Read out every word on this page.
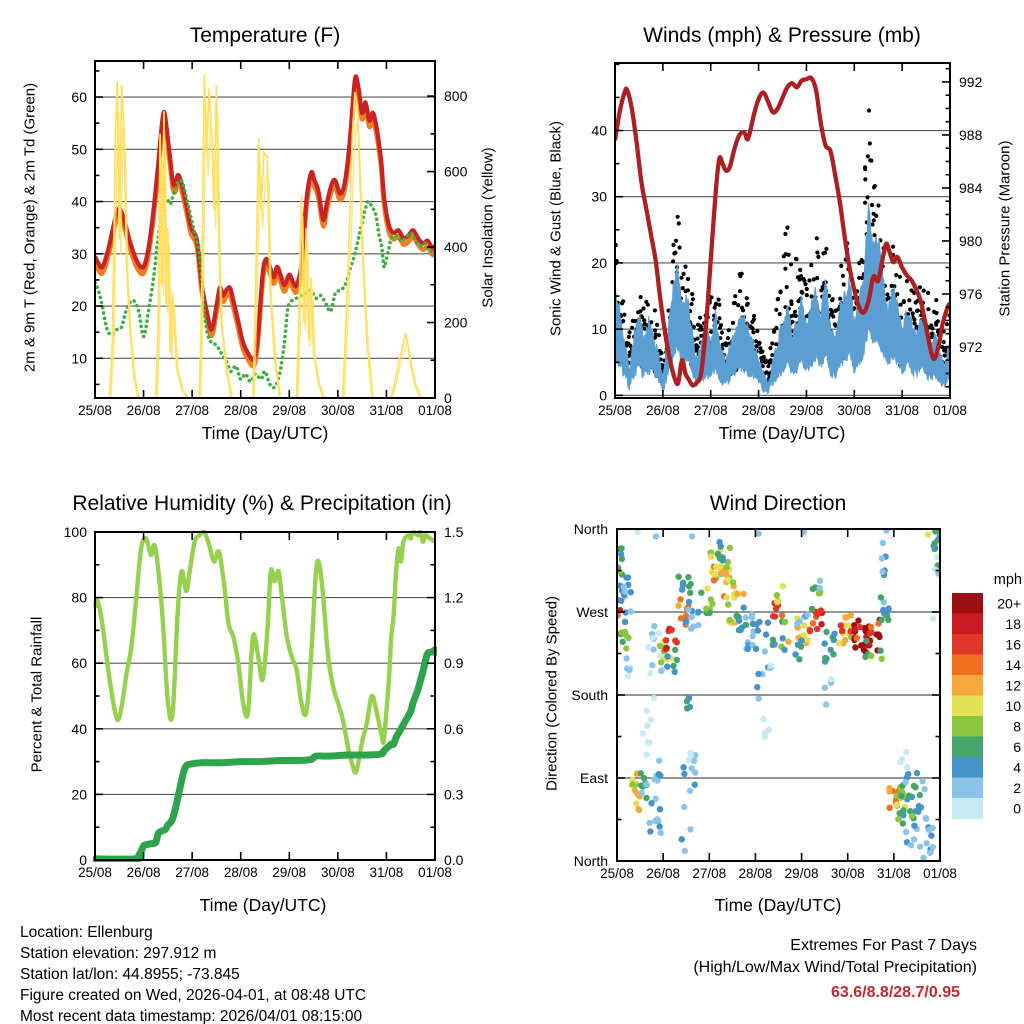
25/08 26/08 27/08 28/08 29/08 30/08 31/08 01/08
10
20
30
40
50
60
0
200
400
600
800
25/08 26/08 27/08 28/08 29/08 30/08 31/08 01/08
0
10
20
30
40
972
976
980
984
988
992
25/08 26/08 27/08 28/08 29/08 30/08 31/08 01/08
0
20
40
60
80
100
0.0
0.3
0.6
0.9
1.2
1.5
25/08 26/08 27/08 28/08 29/08 30/08 31/08 01/08
North
West
South
East
North
20+
18
16
14
12
10
8
6
4
2
0
Temperature (F)	Winds (mph) & Pressure (mb)
Relative Humidity (%) & Precipitation (in)	Wind Direction
Time (Day/UTC)	Time (Day/UTC)
Time (Day/UTC)	Time (Day/UTC)
2m & 9m T (Red, Orange) & 2m Td (Green)	Solar Insolation (Yellow)	Sonic Wind & Gust (Blue, Black)	Station Pressure (Maroon)
Percent & Total Rainfall	Direction (Colored By Speed)
mph
Location: Ellenburg
Station elevation: 297.912 m
Station lat/lon: 44.8955; -73.845
Figure created on Wed, 2026-04-01, at 08:48 UTC
Most recent data timestamp: 2026/04/01 08:15:00
Extremes For Past 7 Days
(High/Low/Max Wind/Total Precipitation)
63.6/8.8/28.7/0.95
